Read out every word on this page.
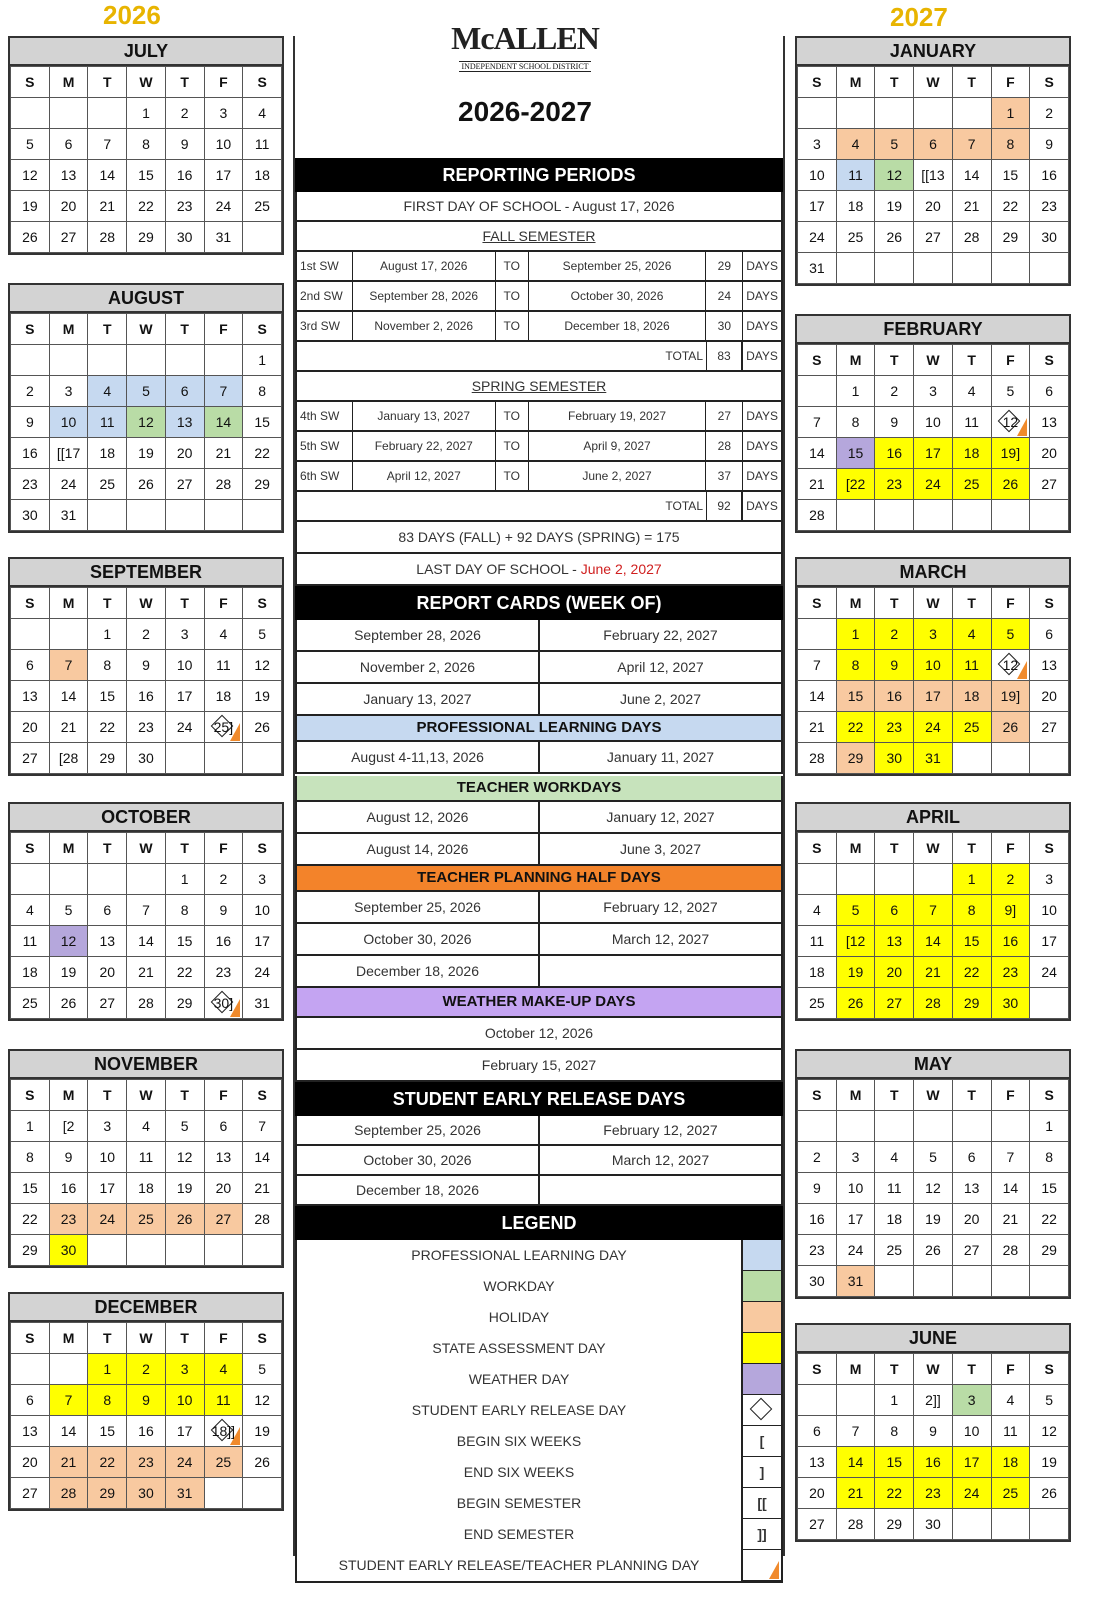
2026	2027
McALLEN
INDEPENDENT SCHOOL DISTRICT
2026-2027
JULY
S	M	T	W	T	F	S
			1	2	3	4
5	6	7	8	9	10	11
12	13	14	15	16	17	18
19	20	21	22	23	24	25
26	27	28	29	30	31	
AUGUST
S	M	T	W	T	F	S
						1
2	3	4	5	6	7	8
9	10	11	12	13	14	15
16	[[17	18	19	20	21	22
23	24	25	26	27	28	29
30	31					
SEPTEMBER
S	M	T	W	T	F	S
		1	2	3	4	5
6	7	8	9	10	11	12
13	14	15	16	17	18	19
20	21	22	23	24	25]	26
27	[28	29	30			
OCTOBER
S	M	T	W	T	F	S
				1	2	3
4	5	6	7	8	9	10
11	12	13	14	15	16	17
18	19	20	21	22	23	24
25	26	27	28	29	30]	31
NOVEMBER
S	M	T	W	T	F	S
1	[2	3	4	5	6	7
8	9	10	11	12	13	14
15	16	17	18	19	20	21
22	23	24	25	26	27	28
29	30					
DECEMBER
S	M	T	W	T	F	S
		1	2	3	4	5
6	7	8	9	10	11	12
13	14	15	16	17	18]]	19
20	21	22	23	24	25	26
27	28	29	30	31		
JANUARY
S	M	T	W	T	F	S
					1	2
3	4	5	6	7	8	9
10	11	12	[[13	14	15	16
17	18	19	20	21	22	23
24	25	26	27	28	29	30
31						
FEBRUARY
S	M	T	W	T	F	S
	1	2	3	4	5	6
7	8	9	10	11	12	13
14	15	16	17	18	19]	20
21	[22	23	24	25	26	27
28						
MARCH
S	M	T	W	T	F	S
	1	2	3	4	5	6
7	8	9	10	11	12	13
14	15	16	17	18	19]	20
21	22	23	24	25	26	27
28	29	30	31			
APRIL
S	M	T	W	T	F	S
				1	2	3
4	5	6	7	8	9]	10
11	[12	13	14	15	16	17
18	19	20	21	22	23	24
25	26	27	28	29	30	
MAY
S	M	T	W	T	F	S
						1
2	3	4	5	6	7	8
9	10	11	12	13	14	15
16	17	18	19	20	21	22
23	24	25	26	27	28	29
30	31					
JUNE
S	M	T	W	T	F	S
		1	2]]	3	4	5
6	7	8	9	10	11	12
13	14	15	16	17	18	19
20	21	22	23	24	25	26
27	28	29	30			
REPORTING PERIODS
FIRST DAY OF SCHOOL - August 17, 2026
FALL SEMESTER
1st SW	August 17, 2026	TO	September 25, 2026	29	DAYS
2nd SW	September 28, 2026	TO	October 30, 2026	24	DAYS
3rd SW	November 2, 2026	TO	December 18, 2026	30	DAYS
TOTAL	83	DAYS
SPRING SEMESTER
4th SW	January 13, 2027	TO	February 19, 2027	27	DAYS
5th SW	February 22, 2027	TO	April 9, 2027	28	DAYS
6th SW	April 12, 2027	TO	June 2, 2027	37	DAYS
TOTAL	92	DAYS
83 DAYS (FALL) + 92 DAYS (SPRING) = 175
LAST DAY OF SCHOOL - June 2, 2027
REPORT CARDS (WEEK OF)
September 28, 2026	February 22, 2027
November 2, 2026	April 12, 2027
January 13, 2027	June 2, 2027
PROFESSIONAL LEARNING DAYS
August 4-11,13, 2026	January 11, 2027
TEACHER WORKDAYS
August 12, 2026	January 12, 2027
August 14, 2026	June 3, 2027
TEACHER PLANNING HALF DAYS
September 25, 2026	February 12, 2027
October 30, 2026	March 12, 2027
December 18, 2026
WEATHER MAKE-UP DAYS
October 12, 2026
February 15, 2027
STUDENT EARLY RELEASE DAYS
September 25, 2026	February 12, 2027
October 30, 2026	March 12, 2027
December 18, 2026
LEGEND
PROFESSIONAL LEARNING DAY
WORKDAY
HOLIDAY
STATE ASSESSMENT DAY
WEATHER DAY
STUDENT EARLY RELEASE DAY
BEGIN SIX WEEKS	[
END SIX WEEKS	]
BEGIN SEMESTER	[[
END SEMESTER	]]
STUDENT EARLY RELEASE/TEACHER PLANNING DAY
